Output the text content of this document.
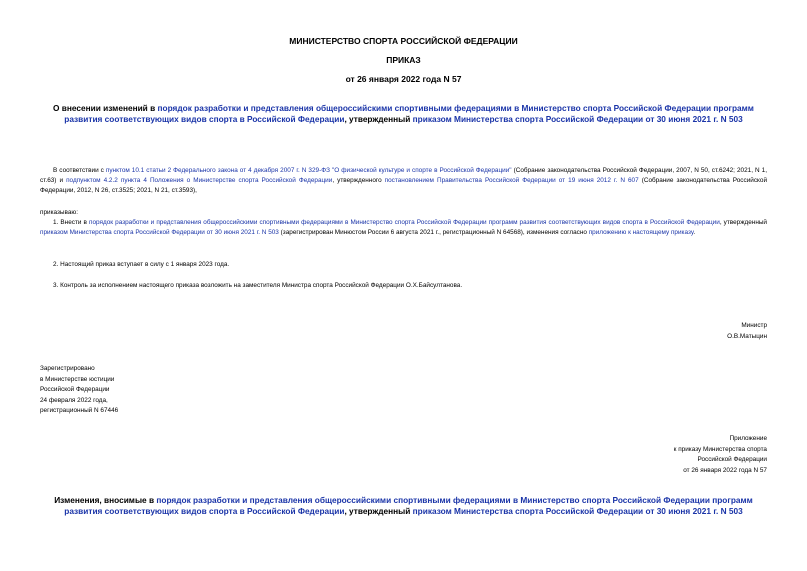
МИНИСТЕРСТВО СПОРТА РОССИЙСКОЙ ФЕДЕРАЦИИ
ПРИКАЗ
от 26 января 2022 года N 57
О внесении изменений в порядок разработки и представления общероссийскими спортивными федерациями в Министерство спорта Российской Федерации программ развития соответствующих видов спорта в Российской Федерации, утвержденный приказом Министерства спорта Российской Федерации от 30 июня 2021 г. N 503
В соответствии с пунктом 10.1 статьи 2 Федерального закона от 4 декабря 2007 г. N 329-ФЗ "О физической культуре и спорте в Российской Федерации" (Собрание законодательства Российской Федерации, 2007, N 50, ст.6242; 2021, N 1, ст.63) и подпунктом 4.2.2 пункта 4 Положения о Министерстве спорта Российской Федерации, утвержденного постановлением Правительства Российской Федерации от 19 июня 2012 г. N 607 (Собрание законодательства Российской Федерации, 2012, N 26, ст.3525; 2021, N 21, ст.3593),
приказываю:
1. Внести в порядок разработки и представления общероссийскими спортивными федерациями в Министерство спорта Российской Федерации программ развития соответствующих видов спорта в Российской Федерации, утвержденный приказом Министерства спорта Российской Федерации от 30 июня 2021 г. N 503 (зарегистрирован Минюстом России 6 августа 2021 г., регистрационный N 64568), изменения согласно приложению к настоящему приказу.
2. Настоящий приказ вступает в силу с 1 января 2023 года.
3. Контроль за исполнением настоящего приказа возложить на заместителя Министра спорта Российской Федерации О.Х.Байсултанова.
Министр
О.В.Матыцин
Зарегистрировано
в Министерстве юстиции
Российской Федерации
24 февраля 2022 года,
регистрационный N 67446
Приложение
к приказу Министерства спорта
Российской Федерации
от 26 января 2022 года N 57
Изменения, вносимые в порядок разработки и представления общероссийскими спортивными федерациями в Министерство спорта Российской Федерации программ развития соответствующих видов спорта в Российской Федерации, утвержденный приказом Министерства спорта Российской Федерации от 30 июня 2021 г. N 503
